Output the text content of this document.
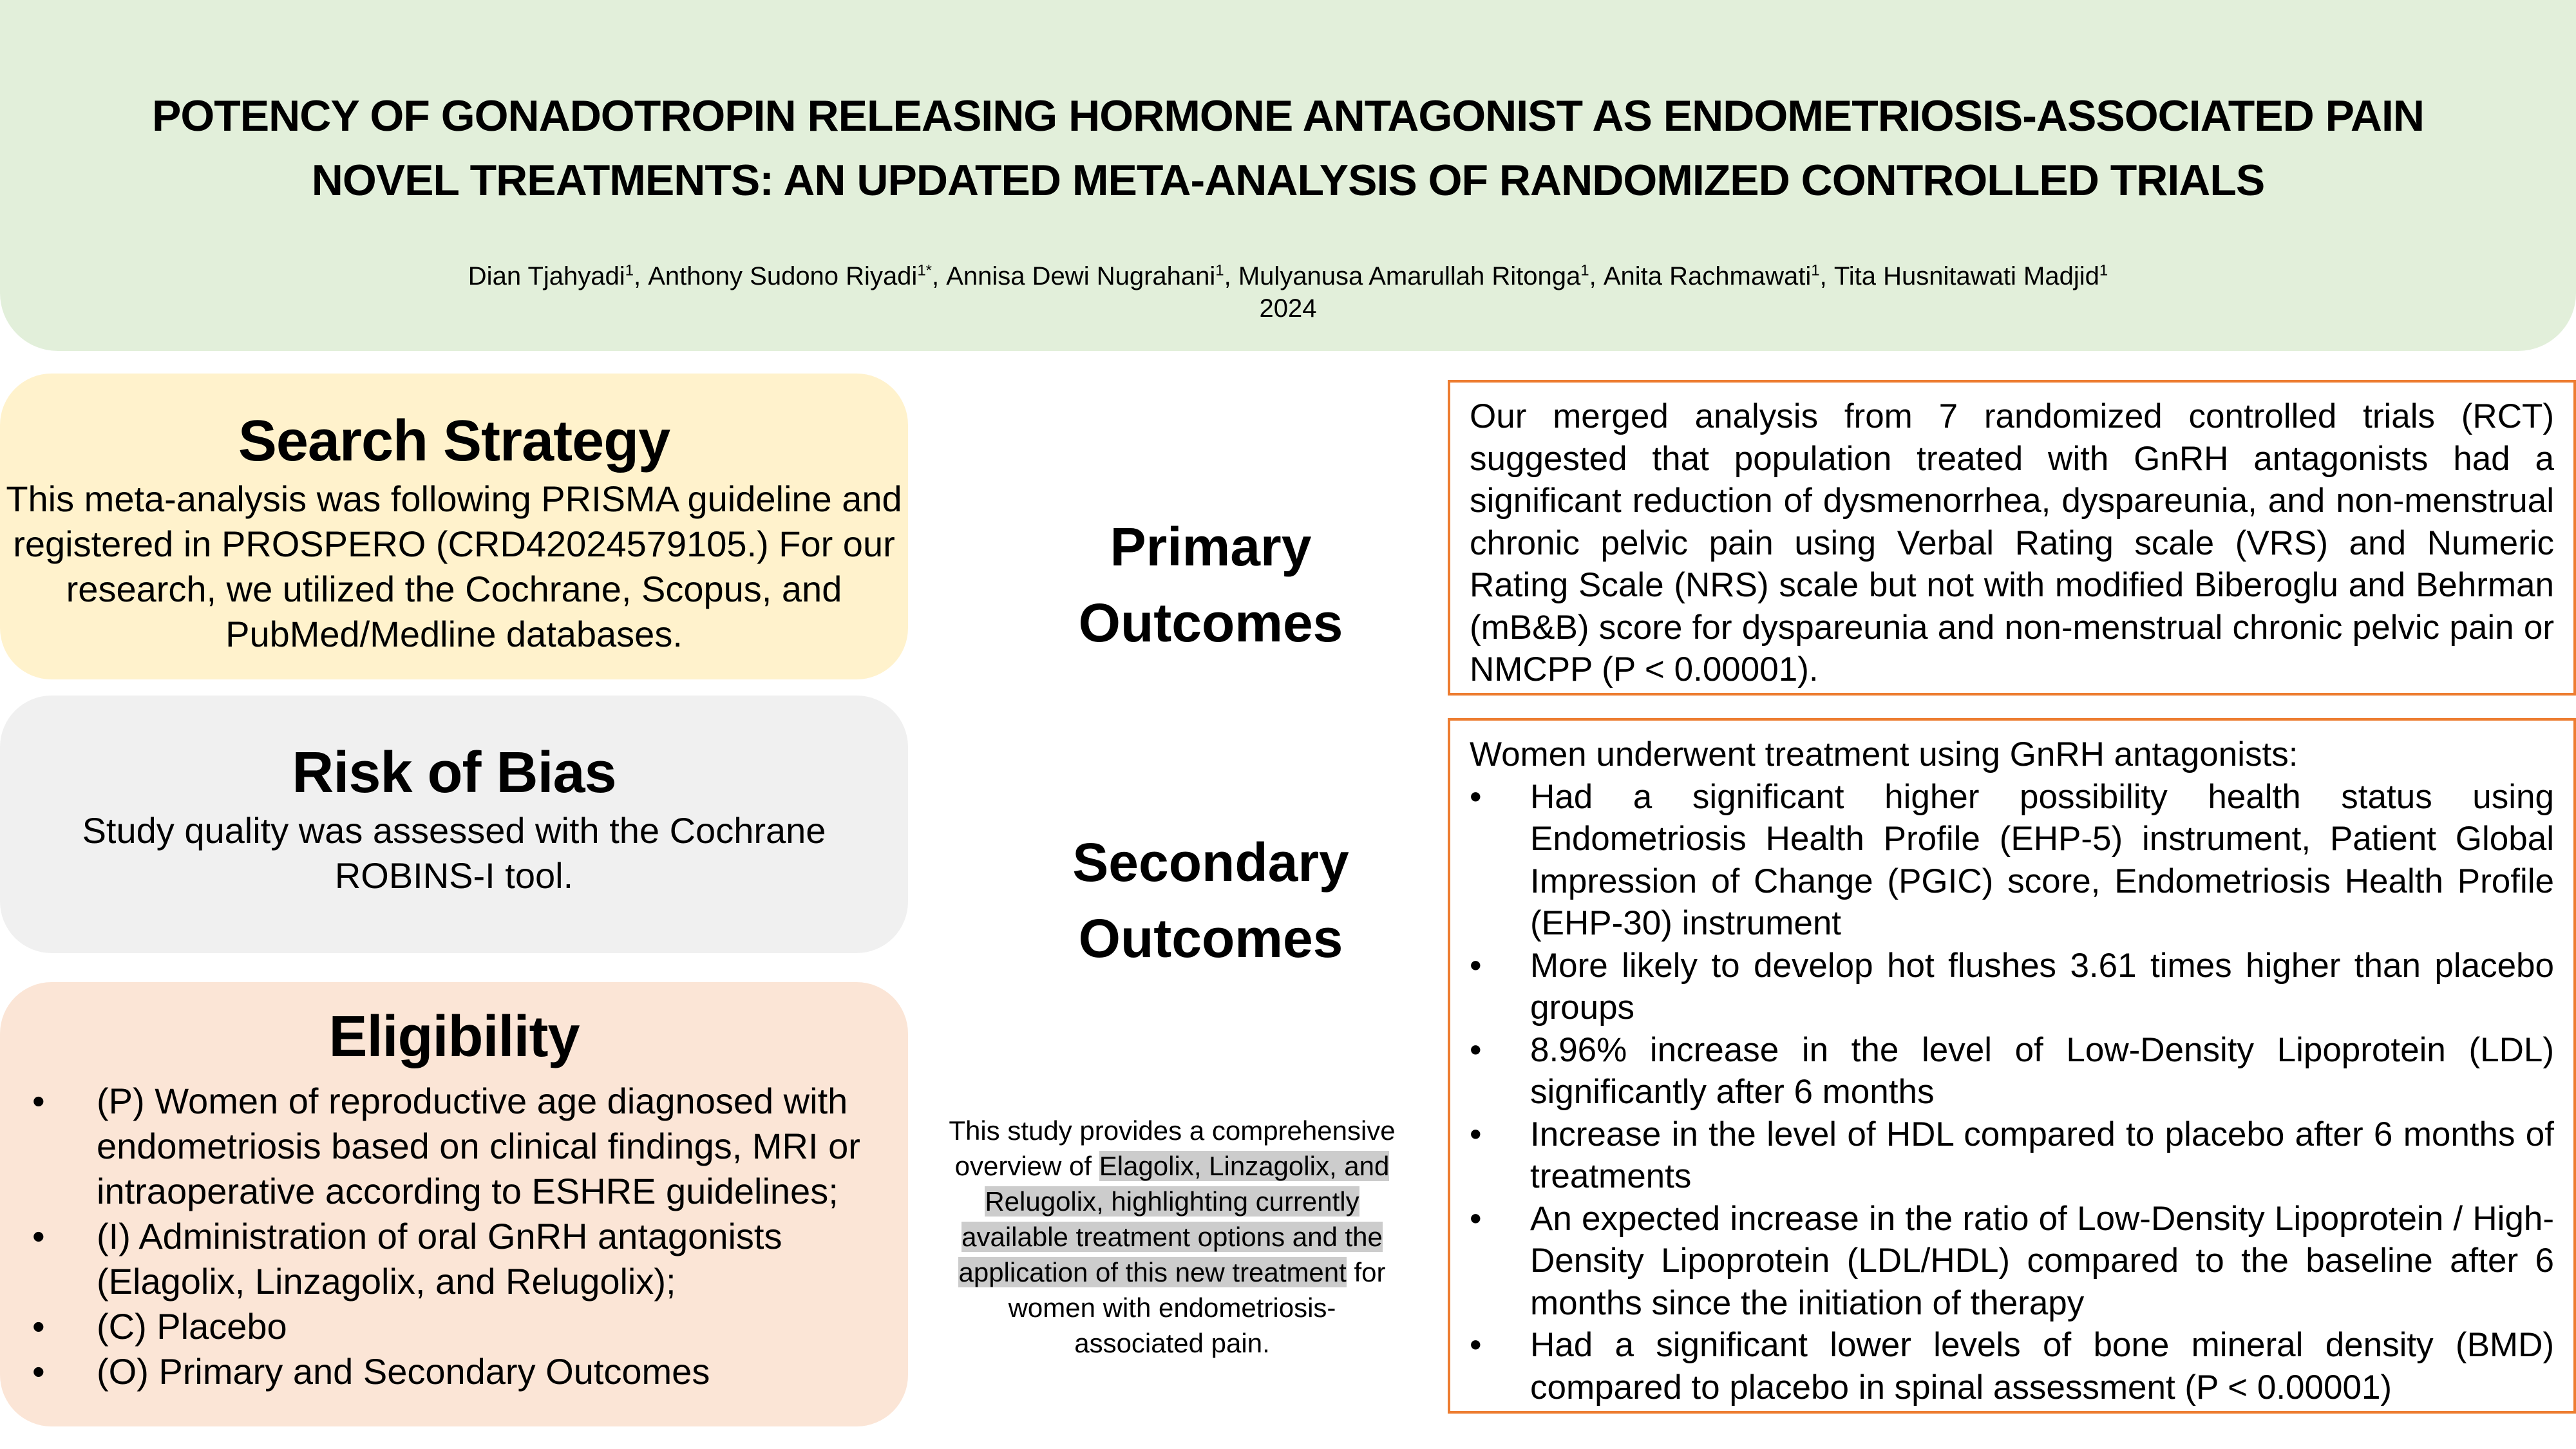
POTENCY OF GONADOTROPIN RELEASING HORMONE ANTAGONIST AS ENDOMETRIOSIS-ASSOCIATED PAIN
NOVEL TREATMENTS: AN UPDATED META-ANALYSIS OF RANDOMIZED CONTROLLED TRIALS
Dian Tjahyadi$^1$, Anthony Sudono Riyadi$^{1*}$, Annisa Dewi Nugrahani$^1$, Mulyanusa Amarullah Ritonga$^1$, Anita Rachmawati$^1$, Tita Husnitawati Madjid$^1$
2024
Search Strategy

This meta-analysis was following PRISMA guideline and registered in PROSPERO (CRD42024579105.) For our research, we utilized the Cochrane, Scopus, and PubMed/Medline databases.

Risk of Bias

Study quality was assessed with the Cochrane ROBINS-I tool.

Eligibility
• (P) Women of reproductive age diagnosed with endometriosis based on clinical findings, MRI or intraoperative according to ESHRE guidelines;
• (I) Administration of oral GnRH antagonists (Elagolix, Linzagolix, and Relugolix);
• (C) Placebo
• (O) Primary and Secondary Outcomes
Primary
Outcomes
Secondary
Outcomes
This study provides a comprehensive overview of Elagolix, Linzagolix, and Relugolix, highlighting currently available treatment options and the application of this new treatment for women with endometriosis-associated pain.

Our merged analysis from 7 randomized controlled trials (RCT) suggested that population treated with GnRH antagonists had a significant reduction of dysmenorrhea, dyspareunia, and non-menstrual chronic pelvic pain using Verbal Rating scale (VRS) and Numeric Rating Scale (NRS) scale but not with modified Biberoglu and Behrman (mB&B) score for dyspareunia and non-menstrual chronic pelvic pain or NMCPP (P < 0.00001).

Women underwent treatment using GnRH antagonists:

• Had a significant higher possibility health status using Endometriosis Health Profile (EHP-5) instrument, Patient Global Impression of Change (PGIC) score, Endometriosis Health Profile (EHP-30) instrument
• More likely to develop hot flushes 3.61 times higher than placebo groups
• 8.96% increase in the level of Low-Density Lipoprotein (LDL) significantly after 6 months
• Increase in the level of HDL compared to placebo after 6 months of treatments
• An expected increase in the ratio of Low-Density Lipoprotein / High-Density Lipoprotein (LDL/HDL) compared to the baseline after 6 months since the initiation of therapy
• Had a significant lower levels of bone mineral density (BMD) compared to placebo in spinal assessment (P < 0.00001)
